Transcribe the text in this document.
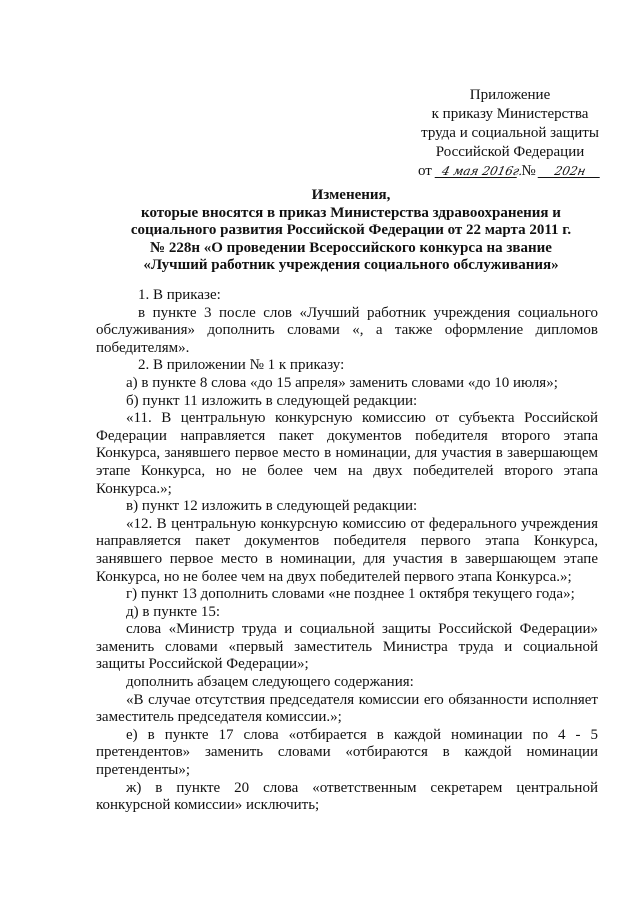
Приложение
к приказу Министерства
труда и социальной защиты
Российской Федерации
от 4 мая 2016г. № 202н
Изменения,
которые вносятся в приказ Министерства здравоохранения и
социального развития Российской Федерации от 22 марта 2011 г.
№ 228н «О проведении Всероссийского конкурса на звание
«Лучший работник учреждения социального обслуживания»

1. В приказе:

в пункте 3 после слов «Лучший работник учреждения социального обслуживания» дополнить словами «, а также оформление дипломов победителям».

2. В приложении № 1 к приказу:

а) в пункте 8 слова «до 15 апреля» заменить словами «до 10 июля»;

б) пункт 11 изложить в следующей редакции:

«11. В центральную конкурсную комиссию от субъекта Российской Федерации направляется пакет документов победителя второго этапа Конкурса, занявшего первое место в номинации, для участия в завершающем этапе Конкурса, но не более чем на двух победителей второго этапа Конкурса.»;

в) пункт 12 изложить в следующей редакции:

«12. В центральную конкурсную комиссию от федерального учреждения направляется пакет документов победителя первого этапа Конкурса, занявшего первое место в номинации, для участия в завершающем этапе Конкурса, но не более чем на двух победителей первого этапа Конкурса.»;

г) пункт 13 дополнить словами «не позднее 1 октября текущего года»;

д) в пункте 15:

слова «Министр труда и социальной защиты Российской Федерации» заменить словами «первый заместитель Министра труда и социальной защиты Российской Федерации»;

дополнить абзацем следующего содержания:

«В случае отсутствия председателя комиссии его обязанности исполняет заместитель председателя комиссии.»;

е) в пункте 17 слова «отбирается в каждой номинации по 4 - 5 претендентов» заменить словами «отбираются в каждой номинации претенденты»;

ж) в пункте 20 слова «ответственным секретарем центральной конкурсной комиссии» исключить;
